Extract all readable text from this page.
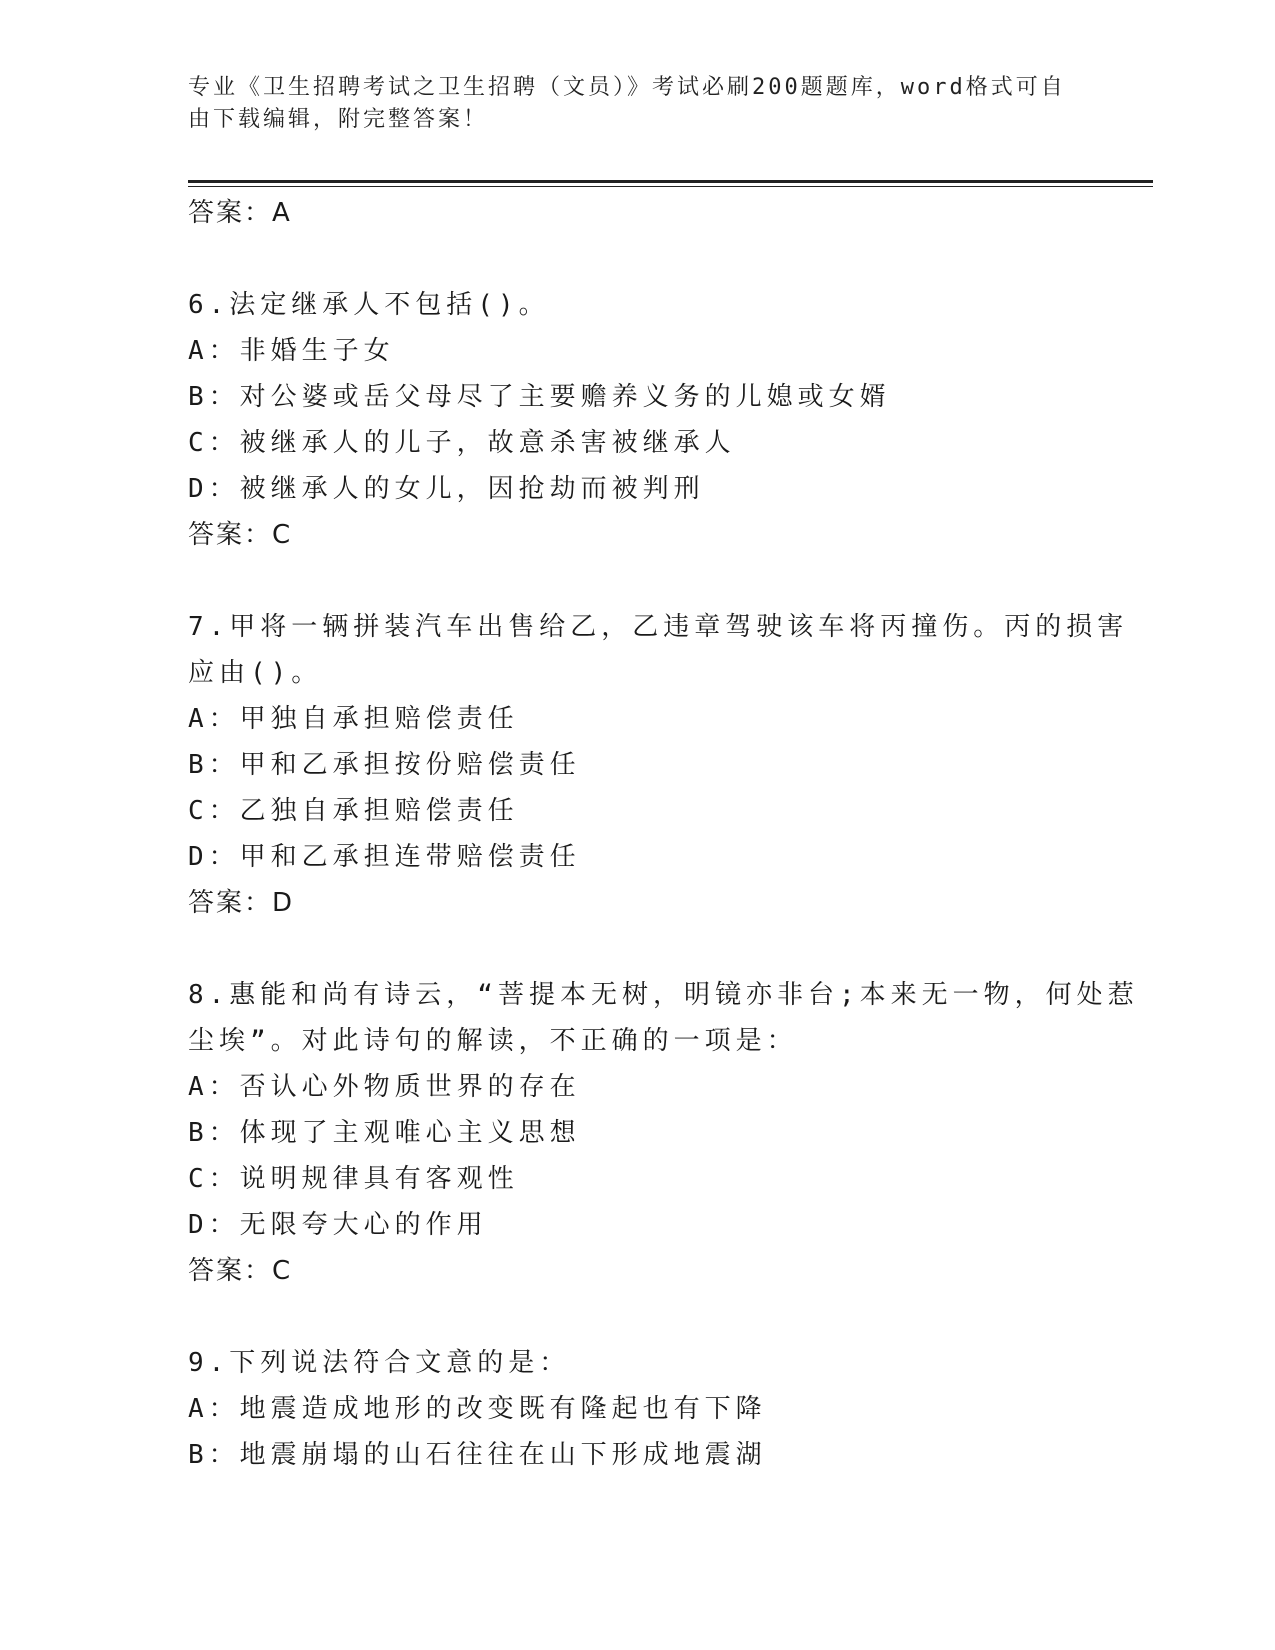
专业《卫生招聘考试之卫生招聘（文员）》考试必刷200题题库，word格式可自由下载编辑，附完整答案！
答案：A
6.法定继承人不包括()。
A：非婚生子女
B：对公婆或岳父母尽了主要赡养义务的儿媳或女婿
C：被继承人的儿子，故意杀害被继承人
D：被继承人的女儿，因抢劫而被判刑
答案：C
7.甲将一辆拼装汽车出售给乙，乙违章驾驶该车将丙撞伤。丙的损害
应由()。
A：甲独自承担赔偿责任
B：甲和乙承担按份赔偿责任
C：乙独自承担赔偿责任
D：甲和乙承担连带赔偿责任
答案：D
8.惠能和尚有诗云，“菩提本无树，明镜亦非台;本来无一物，何处惹
尘埃”。对此诗句的解读，不正确的一项是：
A：否认心外物质世界的存在
B：体现了主观唯心主义思想
C：说明规律具有客观性
D：无限夸大心的作用
答案：C
9.下列说法符合文意的是：
A：地震造成地形的改变既有隆起也有下降
B：地震崩塌的山石往往在山下形成地震湖
